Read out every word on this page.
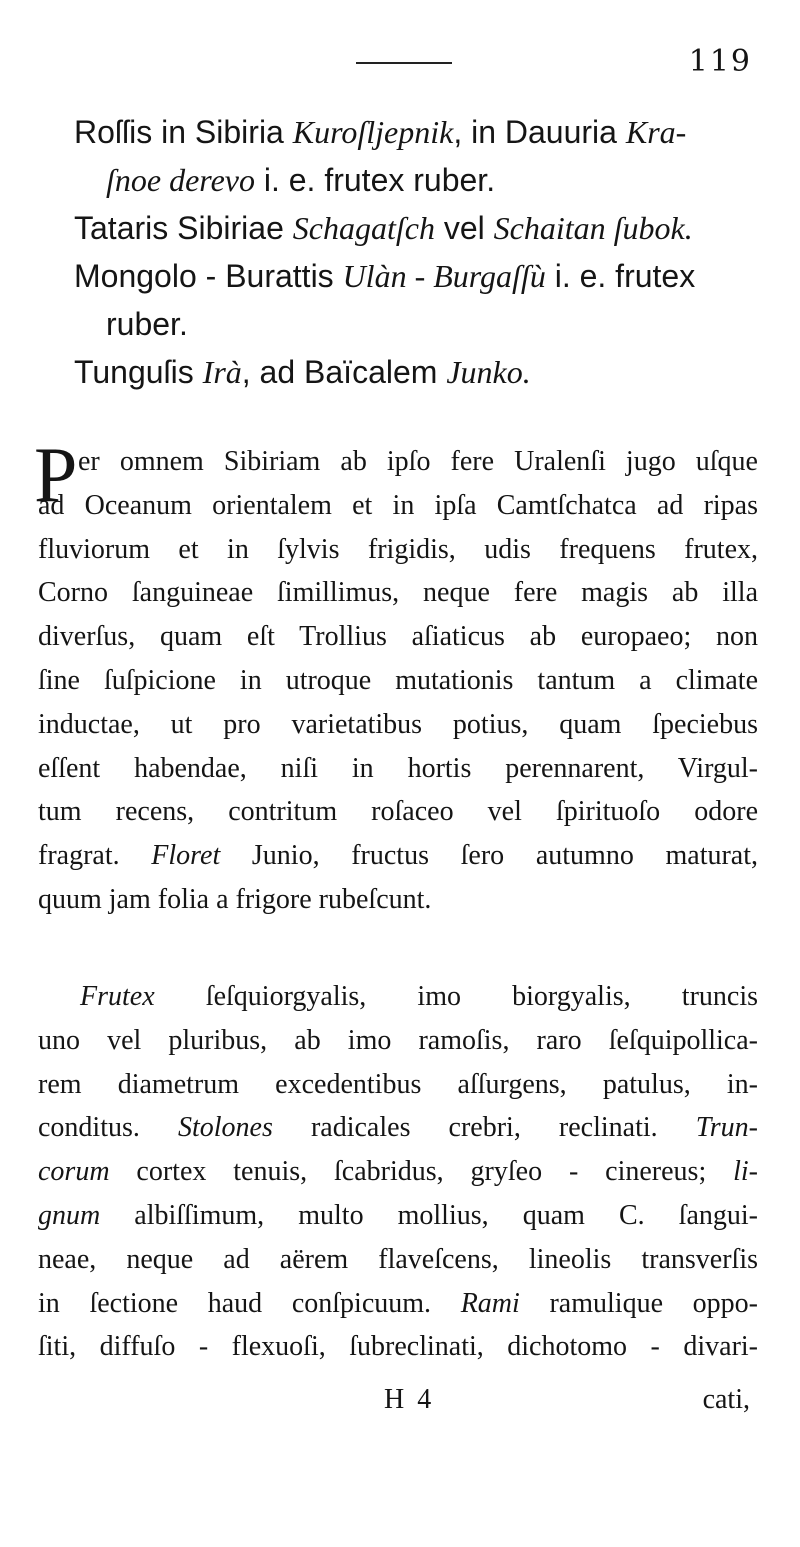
119
Roſſis in Sibiria Kuroſljepnik, in Dauuria Kra-
ſnoe derevo i. e. frutex ruber.
Tataris Sibiriae Schagatſch vel Schaitan ſubok.
Mongolo - Burattis Ulàn - Burgaſſù i. e. frutex
ruber.
Tunguſis Irà, ad Baïcalem Junko.
P er omnem Sibiriam ab ipſo fere Uralenſi jugo uſque
ad Oceanum orientalem et in ipſa Camtſchatca ad ripas
fluviorum et in ſylvis frigidis, udis frequens frutex,
Corno ſanguineae ſimillimus, neque fere magis ab illa
diverſus, quam eſt Trollius aſiaticus ab europaeo; non
ſine ſuſpicione in utroque mutationis tantum a climate
inductae, ut pro varietatibus potius, quam ſpeciebus
eſſent habendae, niſi in hortis perennarent, Virgul-
tum recens, contritum roſaceo vel ſpirituoſo odore
fragrat. Floret Junio, fructus ſero autumno maturat,
quum jam folia a frigore rubeſcunt.
Frutex ſeſquiorgyalis, imo biorgyalis, truncis
uno vel pluribus, ab imo ramoſis, raro ſeſquipollica-
rem diametrum excedentibus aſſurgens, patulus, in-
conditus. Stolones radicales crebri, reclinati. Trun-
corum cortex tenuis, ſcabridus, gryſeo - cinereus; li-
gnum albiſſimum, multo mollius, quam C. ſangui-
neae, neque ad aërem flaveſcens, lineolis transverſis
in ſectione haud conſpicuum. Rami ramulique oppo-
ſiti, diffuſo - flexuoſi, ſubreclinati, dichotomo - divari-
H 4	cati,
